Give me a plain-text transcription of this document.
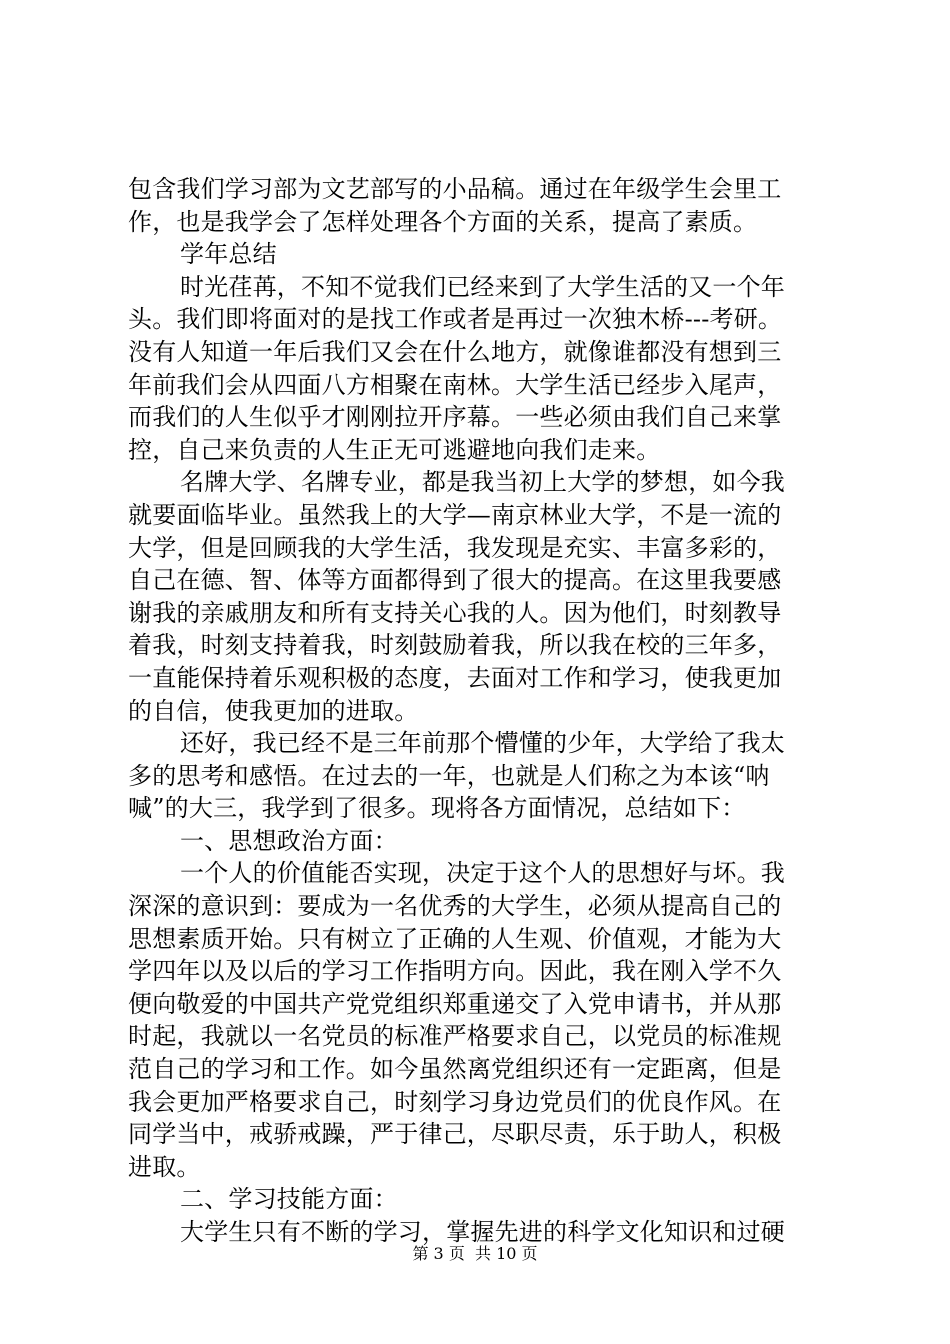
包含我们学习部为文艺部写的小品稿。通过在年级学生会里工
作，也是我学会了怎样处理各个方面的关系，提高了素质。
学年总结
时光荏苒，不知不觉我们已经来到了大学生活的又一个年
头。我们即将面对的是找工作或者是再过一次独木桥---考研。
没有人知道一年后我们又会在什么地方，就像谁都没有想到三
年前我们会从四面八方相聚在南林。大学生活已经步入尾声，
而我们的人生似乎才刚刚拉开序幕。一些必须由我们自己来掌
控，自己来负责的人生正无可逃避地向我们走来。
名牌大学、名牌专业，都是我当初上大学的梦想，如今我
就要面临毕业。虽然我上的大学—南京林业大学，不是一流的
大学，但是回顾我的大学生活，我发现是充实、丰富多彩的，
自己在德、智、体等方面都得到了很大的提高。在这里我要感
谢我的亲戚朋友和所有支持关心我的人。因为他们，时刻教导
着我，时刻支持着我，时刻鼓励着我，所以我在校的三年多，
一直能保持着乐观积极的态度，去面对工作和学习，使我更加
的自信，使我更加的进取。
还好，我已经不是三年前那个懵懂的少年，大学给了我太
多的思考和感悟。在过去的一年，也就是人们称之为本该“呐
喊”的大三，我学到了很多。现将各方面情况，总结如下：
一、思想政治方面：
一个人的价值能否实现，决定于这个人的思想好与坏。我
深深的意识到：要成为一名优秀的大学生，必须从提高自己的
思想素质开始。只有树立了正确的人生观、价值观，才能为大
学四年以及以后的学习工作指明方向。因此，我在刚入学不久
便向敬爱的中国共产党党组织郑重递交了入党申请书，并从那
时起，我就以一名党员的标准严格要求自己，以党员的标准规
范自己的学习和工作。如今虽然离党组织还有一定距离，但是
我会更加严格要求自己，时刻学习身边党员们的优良作风。在
同学当中，戒骄戒躁，严于律己，尽职尽责，乐于助人，积极
进取。
二、学习技能方面：
大学生只有不断的学习，掌握先进的科学文化知识和过硬
第 3 页  共 10 页
